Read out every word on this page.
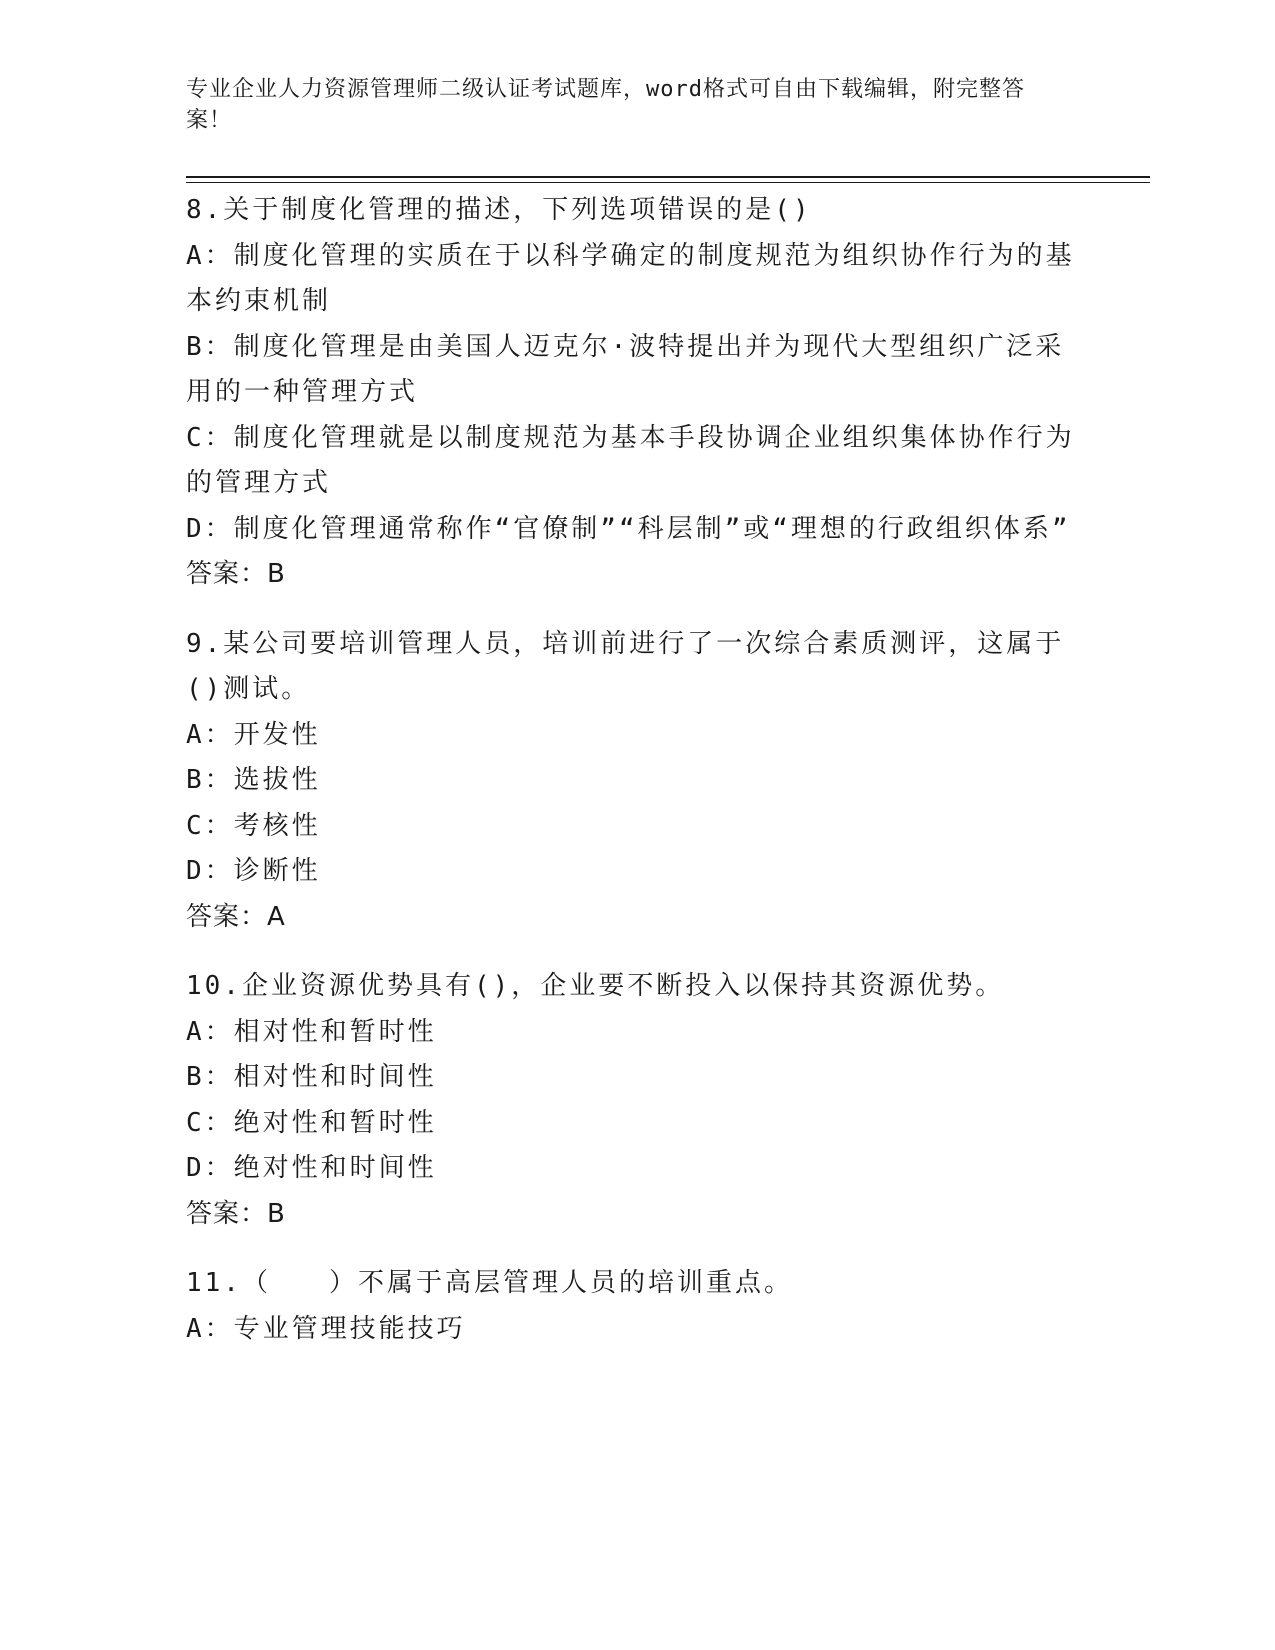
专业企业人力资源管理师二级认证考试题库，word格式可自由下载编辑，附完整答案！

8.关于制度化管理的描述，下列选项错误的是()

A：制度化管理的实质在于以科学确定的制度规范为组织协作行为的基本约束机制

B：制度化管理是由美国人迈克尔·波特提出并为现代大型组织广泛采用的一种管理方式

C：制度化管理就是以制度规范为基本手段协调企业组织集体协作行为的管理方式

D：制度化管理通常称作“官僚制”“科层制”或“理想的行政组织体系”

答案：B

9.某公司要培训管理人员，培训前进行了一次综合素质测评，这属于()测试。

A：开发性

B：选拔性

C：考核性

D：诊断性

答案：A

10.企业资源优势具有()，企业要不断投入以保持其资源优势。

A：相对性和暂时性

B：相对性和时间性

C：绝对性和暂时性

D：绝对性和时间性

答案：B

11.（　　）不属于高层管理人员的培训重点。

A：专业管理技能技巧
